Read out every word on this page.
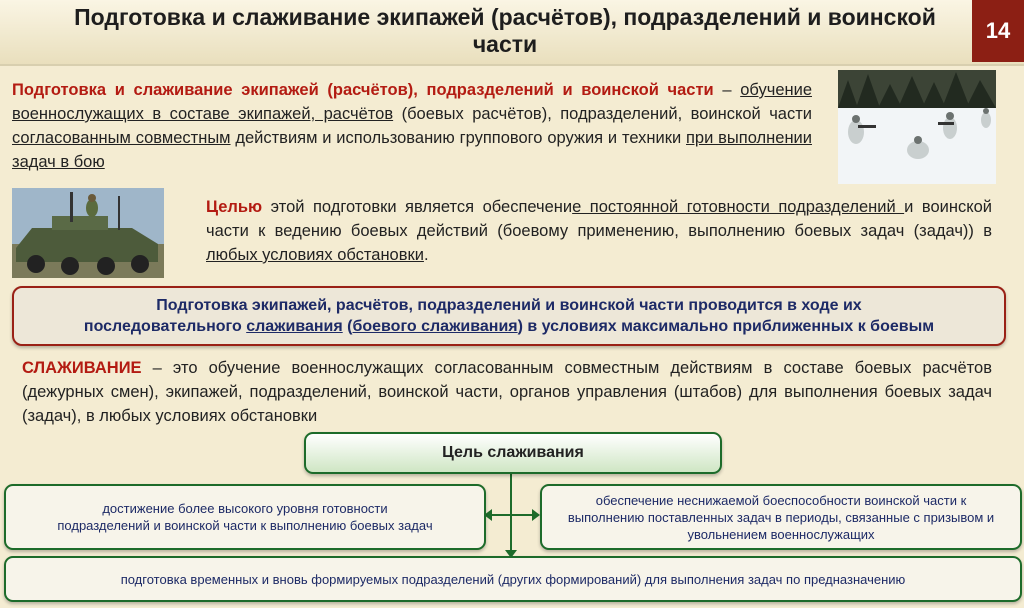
Подготовка и слаживание экипажей (расчётов), подразделений и воинской части
14
Подготовка и слаживание экипажей (расчётов), подразделений и воинской части – обучение военнослужащих в составе экипажей, расчётов (боевых расчётов), подразделений, воинской части согласованным совместным действиям и использованию группового оружия и техники при выполнении задач в бою
Целью этой подготовки является обеспечение постоянной готовности подразделений и воинской части к ведению боевых действий (боевому применению, выполнению боевых задач (задач)) в любых условиях обстановки.
Подготовка экипажей, расчётов, подразделений и воинской части проводится в ходе их
последовательного слаживания (боевого слаживания) в условиях максимально приближенных к боевым
СЛАЖИВАНИЕ – это обучение военнослужащих согласованным совместным действиям в составе боевых расчётов (дежурных смен), экипажей, подразделений, воинской части, органов управления (штабов) для выполнения боевых задач (задач), в любых условиях обстановки
Цель слаживания
достижение более высокого уровня готовности подразделений и воинской части к выполнению боевых задач
обеспечение неснижаемой боеспособности воинской части к выполнению поставленных задач в периоды, связанные с призывом и увольнением военнослужащих
подготовка временных и вновь формируемых подразделений (других формирований) для выполнения задач по предназначению
